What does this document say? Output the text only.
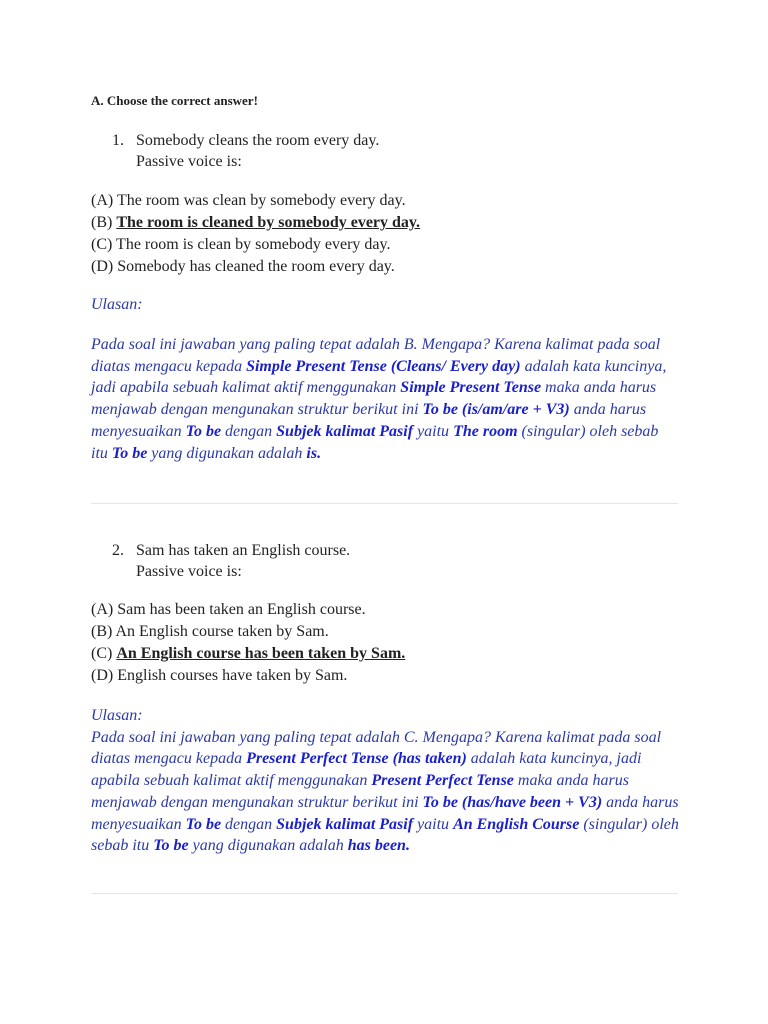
A. Choose the correct answer!
1. Somebody cleans the room every day.
Passive voice is:
(A) The room was clean by somebody every day.
(B) The room is cleaned by somebody every day.
(C) The room is clean by somebody every day.
(D) Somebody has cleaned the room every day.
Ulasan:
Pada soal ini jawaban yang paling tepat adalah B. Mengapa? Karena kalimat pada soal diatas mengacu kepada Simple Present Tense (Cleans/ Every day) adalah kata kuncinya, jadi apabila sebuah kalimat aktif menggunakan Simple Present Tense maka anda harus menjawab dengan mengunakan struktur berikut ini To be (is/am/are + V3) anda harus menyesuaikan To be dengan Subjek kalimat Pasif yaitu The room (singular) oleh sebab itu To be yang digunakan adalah is.
2. Sam has taken an English course.
Passive voice is:
(A) Sam has been taken an English course.
(B) An English course taken by Sam.
(C) An English course has been taken by Sam.
(D) English courses have taken by Sam.
Ulasan:
Pada soal ini jawaban yang paling tepat adalah C. Mengapa? Karena kalimat pada soal diatas mengacu kepada Present Perfect Tense (has taken) adalah kata kuncinya, jadi apabila sebuah kalimat aktif menggunakan Present Perfect Tense maka anda harus menjawab dengan mengunakan struktur berikut ini To be (has/have been + V3) anda harus menyesuaikan To be dengan Subjek kalimat Pasif yaitu An English Course (singular) oleh sebab itu To be yang digunakan adalah has been.
